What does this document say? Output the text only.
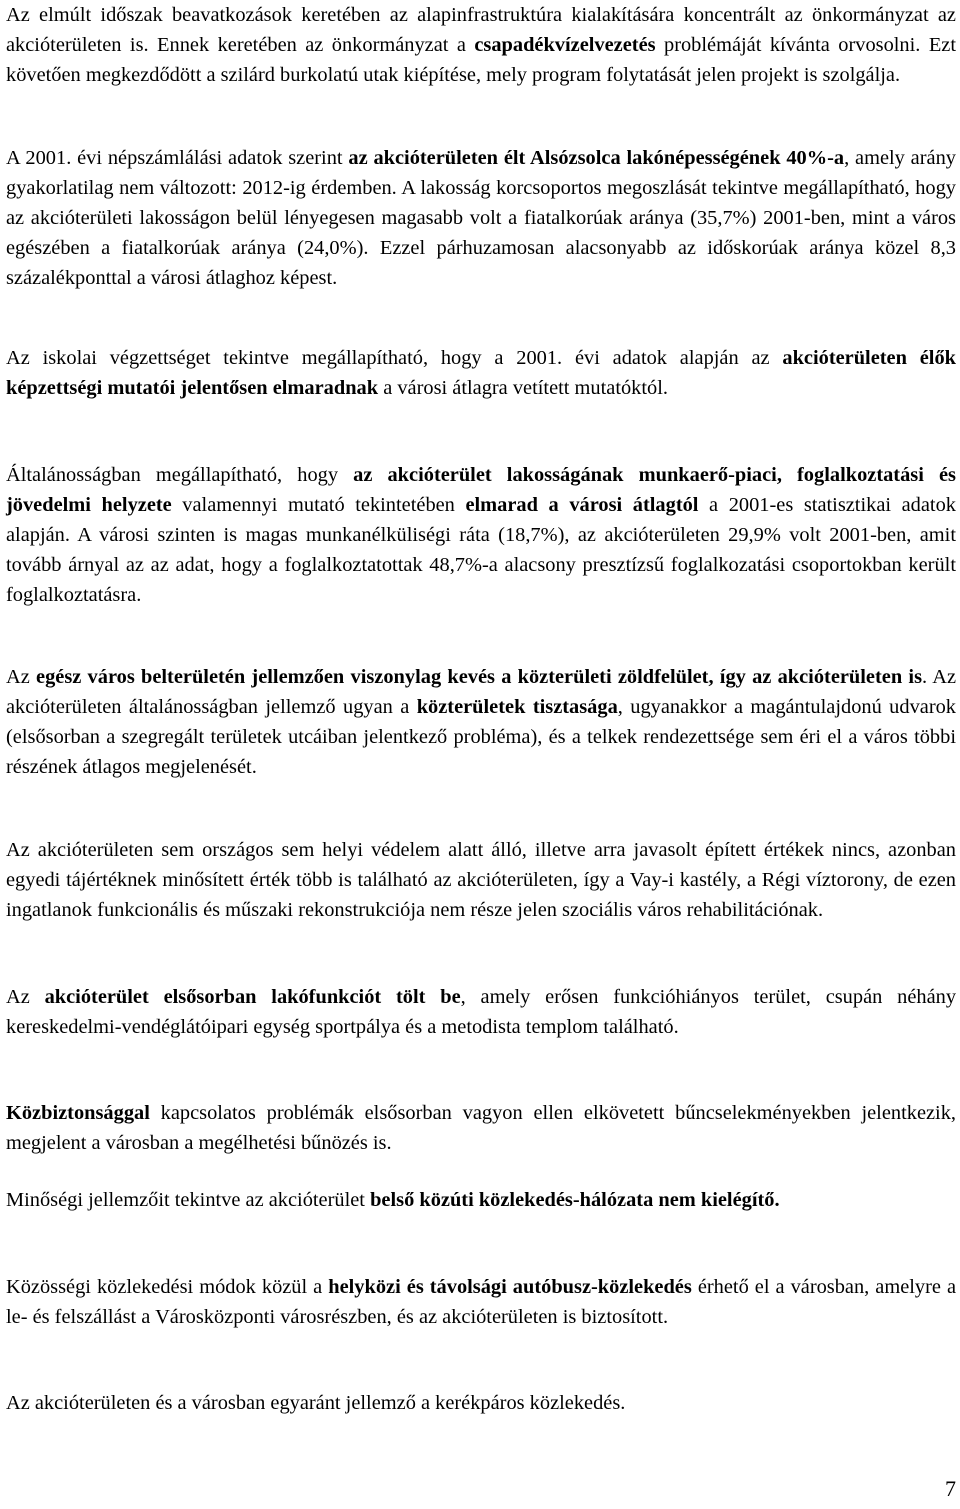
Az elmúlt időszak beavatkozások keretében az alapinfrastruktúra kialakítására koncentrált az önkormányzat az akcióterületen is. Ennek keretében az önkormányzat a csapadékvízelvezetés problémáját kívánta orvosolni. Ezt követően megkezdődött a szilárd burkolatú utak kiépítése, mely program folytatását jelen projekt is szolgálja.

A 2001. évi népszámlálási adatok szerint az akcióterületen élt Alsózsolca lakónépességének 40%-a, amely arány gyakorlatilag nem változott: 2012-ig érdemben. A lakosság korcsoportos megoszlását tekintve megállapítható, hogy az akcióterületi lakosságon belül lényegesen magasabb volt a fiatalkorúak aránya (35,7%) 2001-ben, mint a város egészében a fiatalkorúak aránya (24,0%). Ezzel párhuzamosan alacsonyabb az időskorúak aránya közel 8,3 százalékponttal a városi átlaghoz képest.

Az iskolai végzettséget tekintve megállapítható, hogy a 2001. évi adatok alapján az akcióterületen élők képzettségi mutatói jelentősen elmaradnak a városi átlagra vetített mutatóktól.

Általánosságban megállapítható, hogy az akcióterület lakosságának munkaerő-piaci, foglalkoztatási és jövedelmi helyzete valamennyi mutató tekintetében elmarad a városi átlagtól a 2001-es statisztikai adatok alapján. A városi szinten is magas munkanélküliségi ráta (18,7%), az akcióterületen 29,9% volt 2001-ben, amit tovább árnyal az az adat, hogy a foglalkoztatottak 48,7%-a alacsony presztízsű foglalkozatási csoportokban került foglalkoztatásra.

Az egész város belterületén jellemzően viszonylag kevés a közterületi zöldfelület, így az akcióterületen is. Az akcióterületen általánosságban jellemző ugyan a közterületek tisztasága, ugyanakkor a magántulajdonú udvarok (elsősorban a szegregált területek utcáiban jelentkező probléma), és a telkek rendezettsége sem éri el a város többi részének átlagos megjelenését.

Az akcióterületen sem országos sem helyi védelem alatt álló, illetve arra javasolt épített értékek nincs, azonban egyedi tájértéknek minősített érték több is található az akcióterületen, így a Vay-i kastély, a Régi víztorony, de ezen ingatlanok funkcionális és műszaki rekonstrukciója nem része jelen szociális város rehabilitációnak.

Az akcióterület elsősorban lakófunkciót tölt be, amely erősen funkcióhiányos terület, csupán néhány kereskedelmi-vendéglátóipari egység sportpálya és a metodista templom található.

Közbiztonsággal kapcsolatos problémák elsősorban vagyon ellen elkövetett bűncselekményekben jelentkezik, megjelent a városban a megélhetési bűnözés is.

Minőségi jellemzőit tekintve az akcióterület belső közúti közlekedés-hálózata nem kielégítő.

Közösségi közlekedési módok közül a helyközi és távolsági autóbusz-közlekedés érhető el a városban, amelyre a le- és felszállást a Városközponti városrészben, és az akcióterületen is biztosított.

Az akcióterületen és a városban egyaránt jellemző a kerékpáros közlekedés.

7
